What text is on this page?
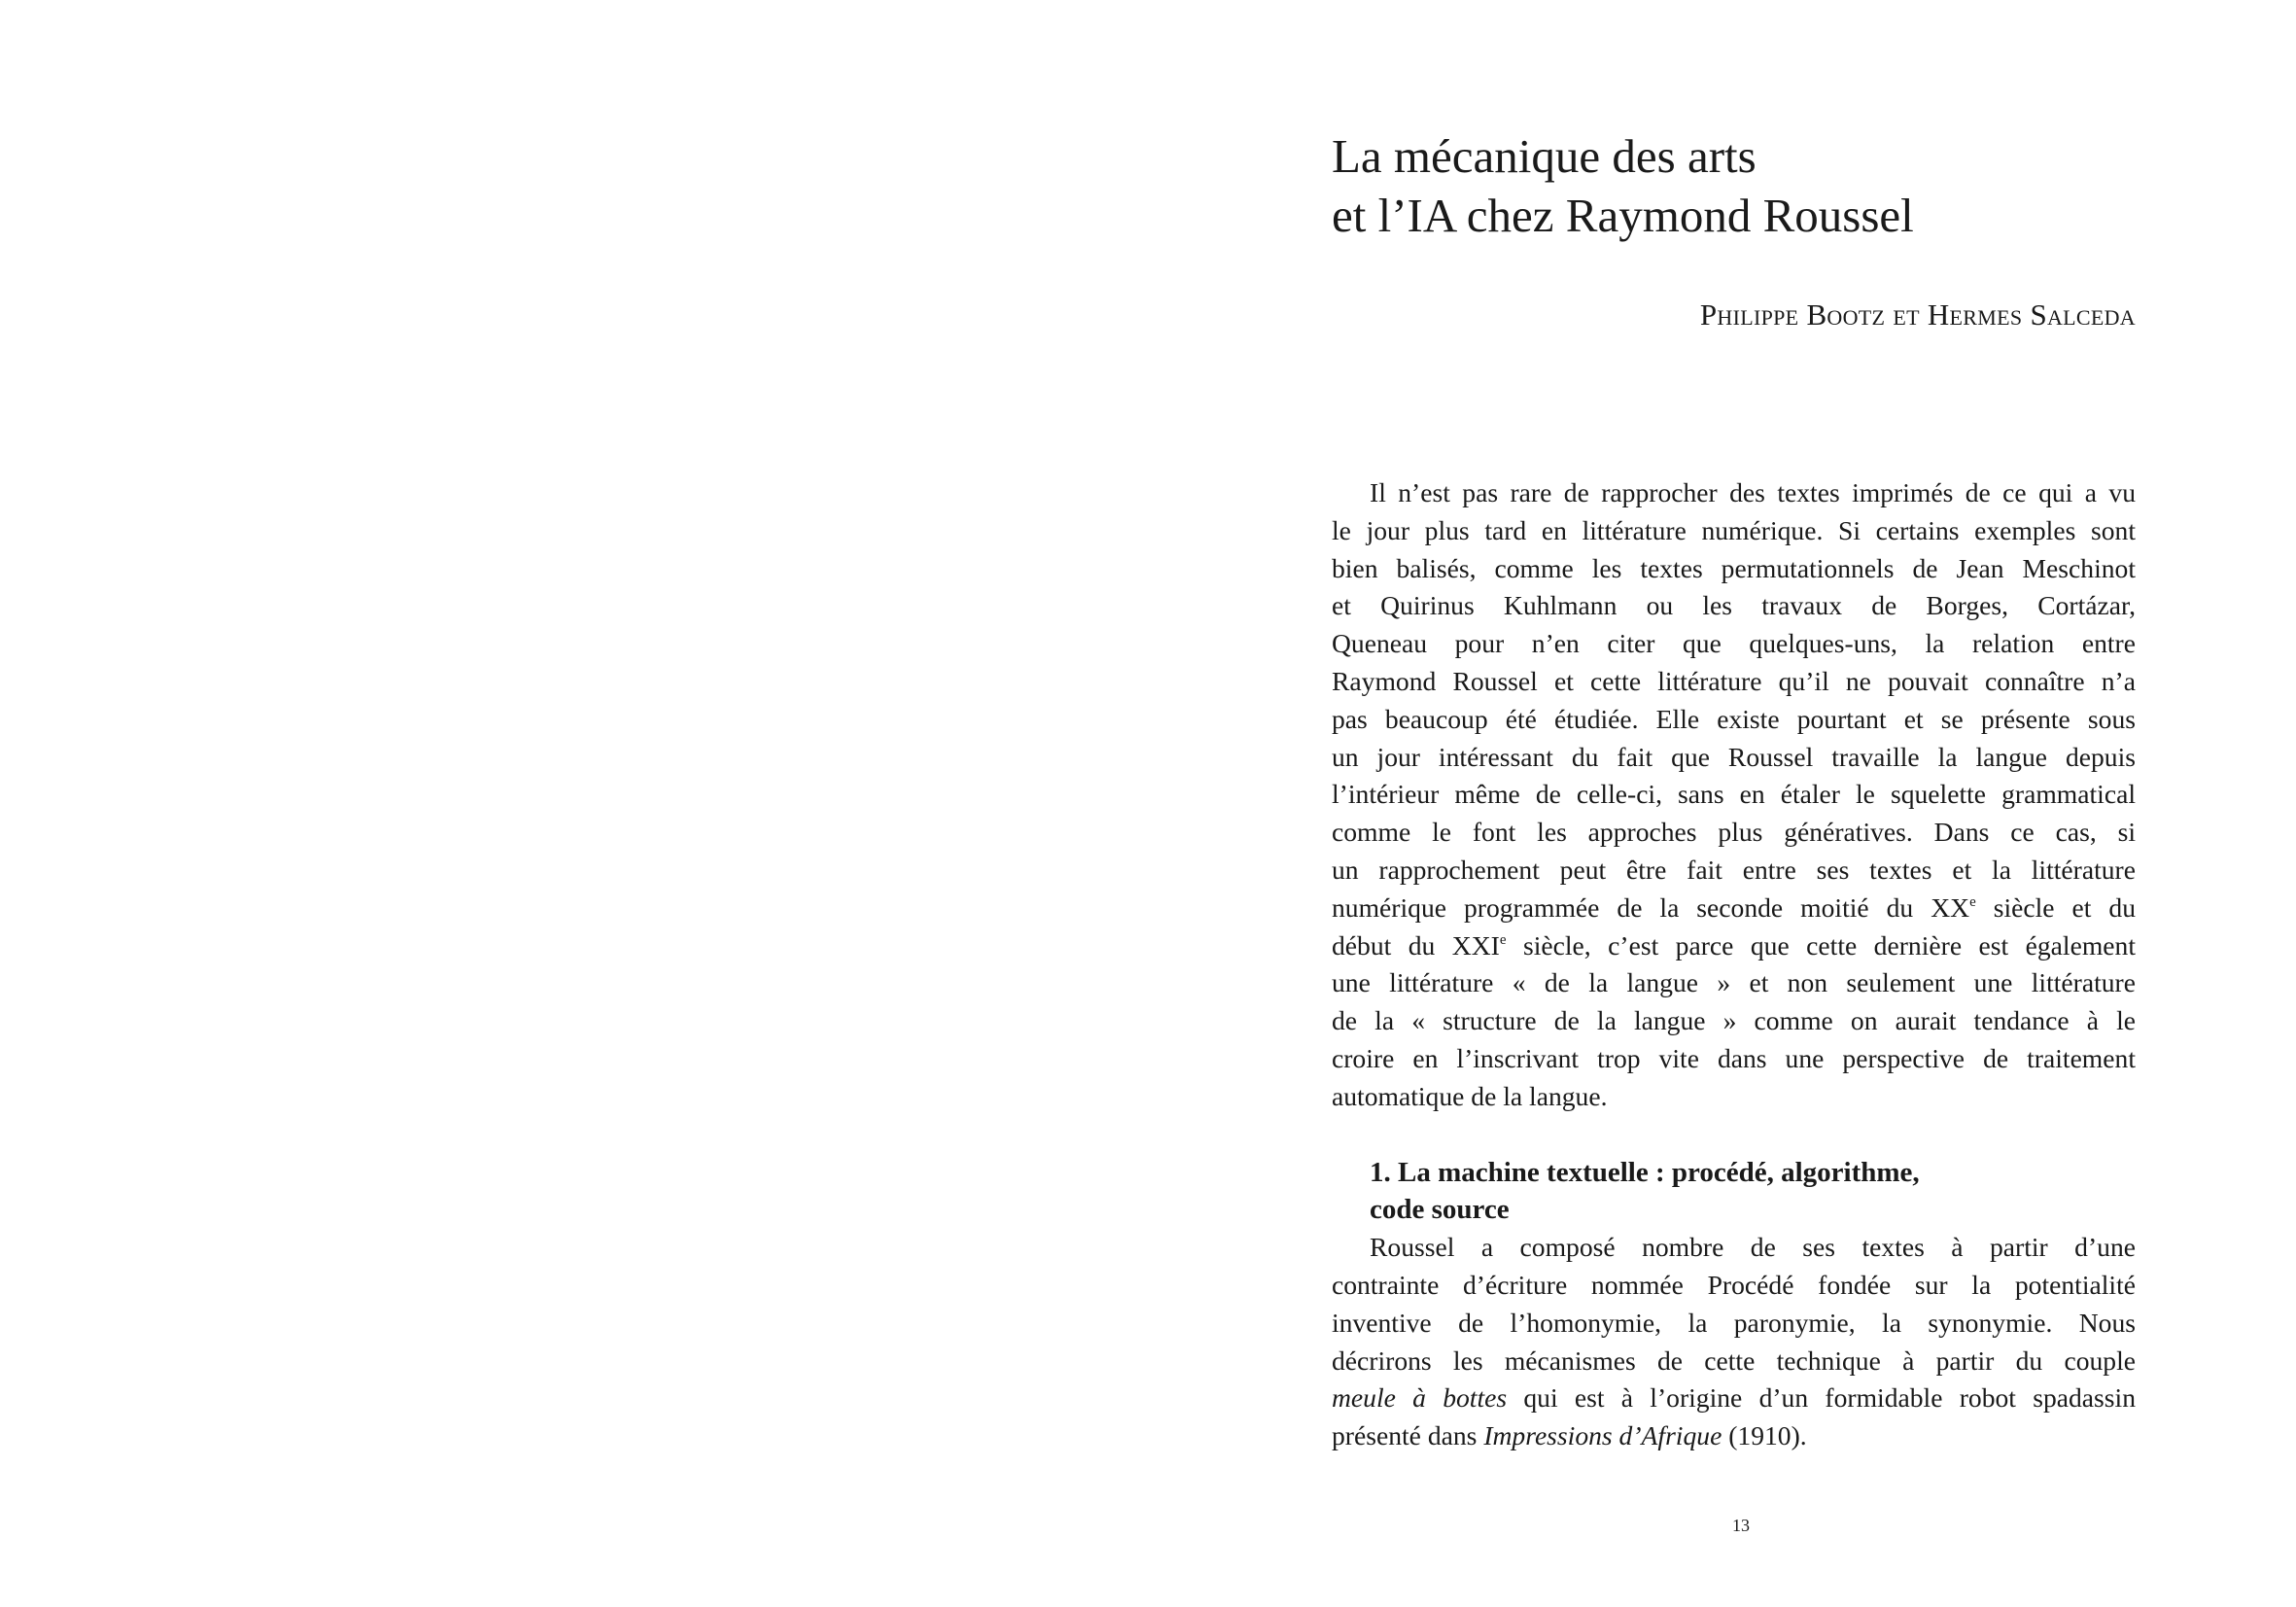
La mécanique des arts
et l’IA chez Raymond Roussel
Philippe Bootz et Hermes Salceda
Il n’est pas rare de rapprocher des textes imprimés de ce qui a vu
le jour plus tard en littérature numérique. Si certains exemples sont
bien balisés, comme les textes permutationnels de Jean Meschinot
et Quirinus Kuhlmann ou les travaux de Borges, Cortázar,
Queneau pour n’en citer que quelques-uns, la relation entre
Raymond Roussel et cette littérature qu’il ne pouvait connaître n’a
pas beaucoup été étudiée. Elle existe pourtant et se présente sous
un jour intéressant du fait que Roussel travaille la langue depuis
l’intérieur même de celle-ci, sans en étaler le squelette grammatical
comme le font les approches plus génératives. Dans ce cas, si
un rapprochement peut être fait entre ses textes et la littérature
numérique programmée de la seconde moitié du XXe siècle et du
début du XXIe siècle, c’est parce que cette dernière est également
une littérature « de la langue » et non seulement une littérature
de la « structure de la langue » comme on aurait tendance à le
croire en l’inscrivant trop vite dans une perspective de traitement
automatique de la langue.
1. La machine textuelle : procédé, algorithme,
code source
Roussel a composé nombre de ses textes à partir d’une
contrainte d’écriture nommée Procédé fondée sur la potentialité
inventive de l’homonymie, la paronymie, la synonymie. Nous
décrirons les mécanismes de cette technique à partir du couple
meule à bottes qui est à l’origine d’un formidable robot spadassin
présenté dans Impressions d’Afrique (1910).
13
